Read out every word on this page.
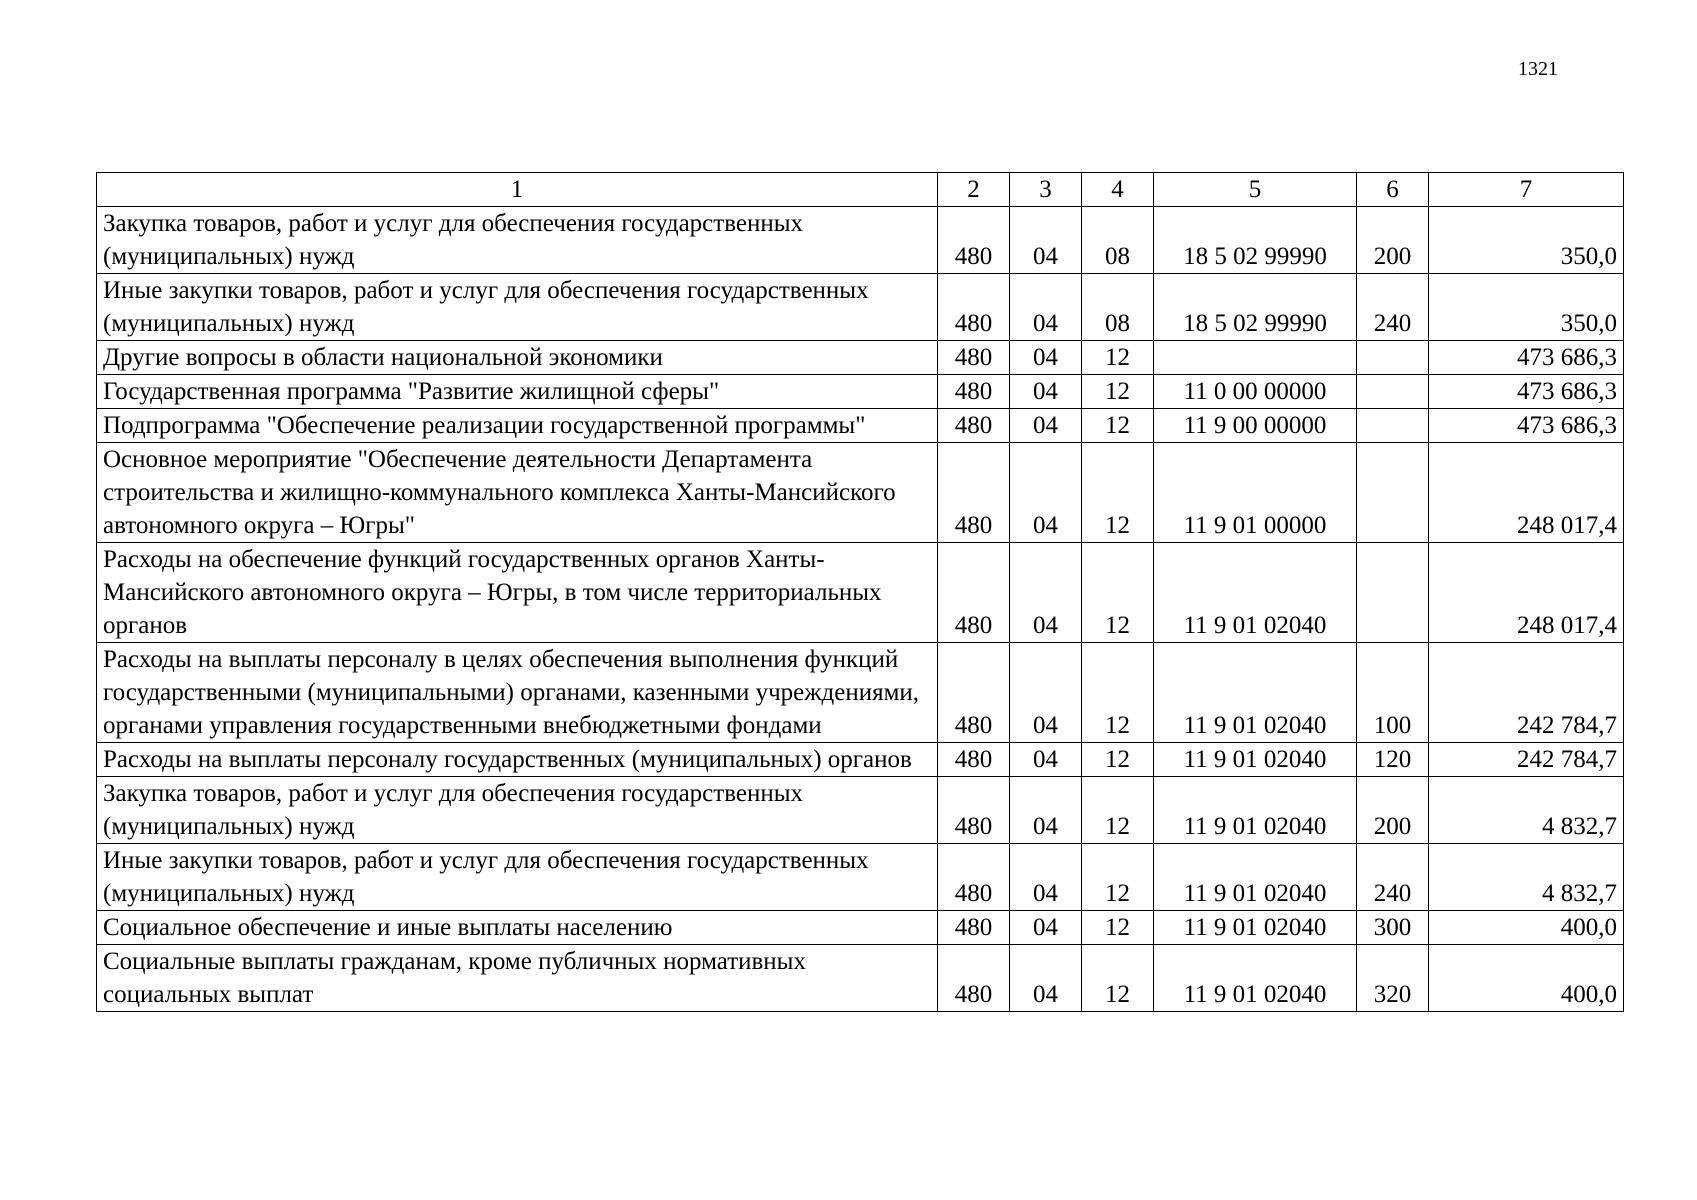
1321
1	2	3	4	5	6	7
Закупка товаров, работ и услуг для обеспечения государственных (муниципальных) нужд	480	04	08	18 5 02 99990	200	350,0
Иные закупки товаров, работ и услуг для обеспечения государственных (муниципальных) нужд	480	04	08	18 5 02 99990	240	350,0
Другие вопросы в области национальной экономики	480	04	12			473 686,3
Государственная программа "Развитие жилищной сферы"	480	04	12	11 0 00 00000		473 686,3
Подпрограмма "Обеспечение реализации государственной программы"	480	04	12	11 9 00 00000		473 686,3
Основное мероприятие "Обеспечение деятельности Департамента строительства и жилищно-коммунального комплекса Ханты-Мансийского автономного округа – Югры"	480	04	12	11 9 01 00000		248 017,4
Расходы на обеспечение функций государственных органов Ханты-Мансийского автономного округа – Югры, в том числе территориальных органов	480	04	12	11 9 01 02040		248 017,4
Расходы на выплаты персоналу в целях обеспечения выполнения функций государственными (муниципальными) органами, казенными учреждениями, органами управления государственными внебюджетными фондами	480	04	12	11 9 01 02040	100	242 784,7
Расходы на выплаты персоналу государственных (муниципальных) органов	480	04	12	11 9 01 02040	120	242 784,7
Закупка товаров, работ и услуг для обеспечения государственных (муниципальных) нужд	480	04	12	11 9 01 02040	200	4 832,7
Иные закупки товаров, работ и услуг для обеспечения государственных (муниципальных) нужд	480	04	12	11 9 01 02040	240	4 832,7
Социальное обеспечение и иные выплаты населению	480	04	12	11 9 01 02040	300	400,0
Социальные выплаты гражданам, кроме публичных нормативных социальных выплат	480	04	12	11 9 01 02040	320	400,0
